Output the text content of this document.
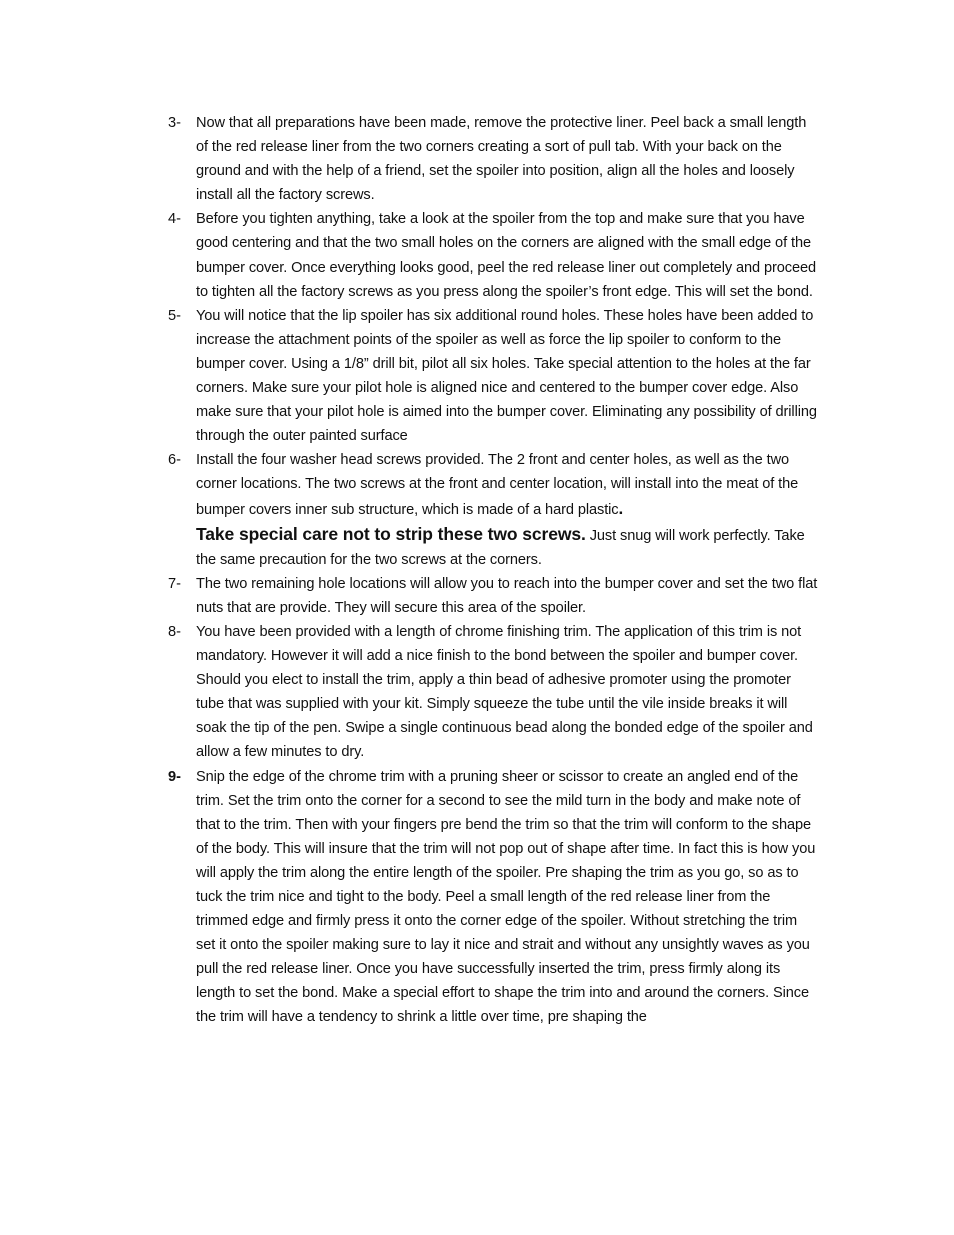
3-	Now that all preparations have been made, remove the protective liner. Peel back a small length of the red release liner from the two corners creating a sort of pull tab. With your back on the ground and with the help of a friend, set the spoiler into position, align all the holes and loosely install all the factory screws.
4-	Before you tighten anything, take a look at the spoiler from the top and make sure that you have good centering and that the two small holes on the corners are aligned with the small edge of the bumper cover. Once everything looks good, peel the red release liner out completely and proceed to tighten all the factory screws as you press along the spoiler’s front edge. This will set the bond.
5-	You will notice that the lip spoiler has six additional round holes. These holes have been added to increase the attachment points of the spoiler as well as force the lip spoiler to conform to the bumper cover. Using a 1/8” drill bit, pilot all six holes. Take special attention to the holes at the far corners. Make sure your pilot hole is aligned nice and centered to the bumper cover edge. Also make sure that your pilot hole is aimed into the bumper cover. Eliminating any possibility of drilling through the outer painted surface
6-	Install the four washer head screws provided. The 2 front and center holes, as well as the two corner locations. The two screws at the front and center location, will install into the meat of the bumper covers inner sub structure, which is made of a hard plastic.
Take special care not to strip these two screws. Just snug will work perfectly. Take the same precaution for the two screws at the corners.
7-	The two remaining hole locations will allow you to reach into the bumper cover and set the two flat nuts that are provide. They will secure this area of the spoiler.
8-	You have been provided with a length of chrome finishing trim. The application of this trim is not mandatory. However it will add a nice finish to the bond between the spoiler and bumper cover. Should you elect to install the trim, apply a thin bead of adhesive promoter using the promoter tube that was supplied with your kit. Simply squeeze the tube until the vile inside breaks it will soak the tip of the pen. Swipe a single continuous bead along the bonded edge of the spoiler and allow a few minutes to dry.
9-	Snip the edge of the chrome trim with a pruning sheer or scissor to create an angled end of the trim. Set the trim onto the corner for a second to see the mild turn in the body and make note of that to the trim. Then with your fingers pre bend the trim so that the trim will conform to the shape of the body. This will insure that the trim will not pop out of shape after time. In fact this is how you will apply the trim along the entire length of the spoiler. Pre shaping the trim as you go, so as to tuck the trim nice and tight to the body. Peel a small length of the red release liner from the trimmed edge and firmly press it onto the corner edge of the spoiler. Without stretching the trim set it onto the spoiler making sure to lay it nice and strait and without any unsightly waves as you pull the red release liner. Once you have successfully inserted the trim, press firmly along its length to set the bond. Make a special effort to shape the trim into and around the corners. Since the trim will have a tendency to shrink a little over time, pre shaping the
